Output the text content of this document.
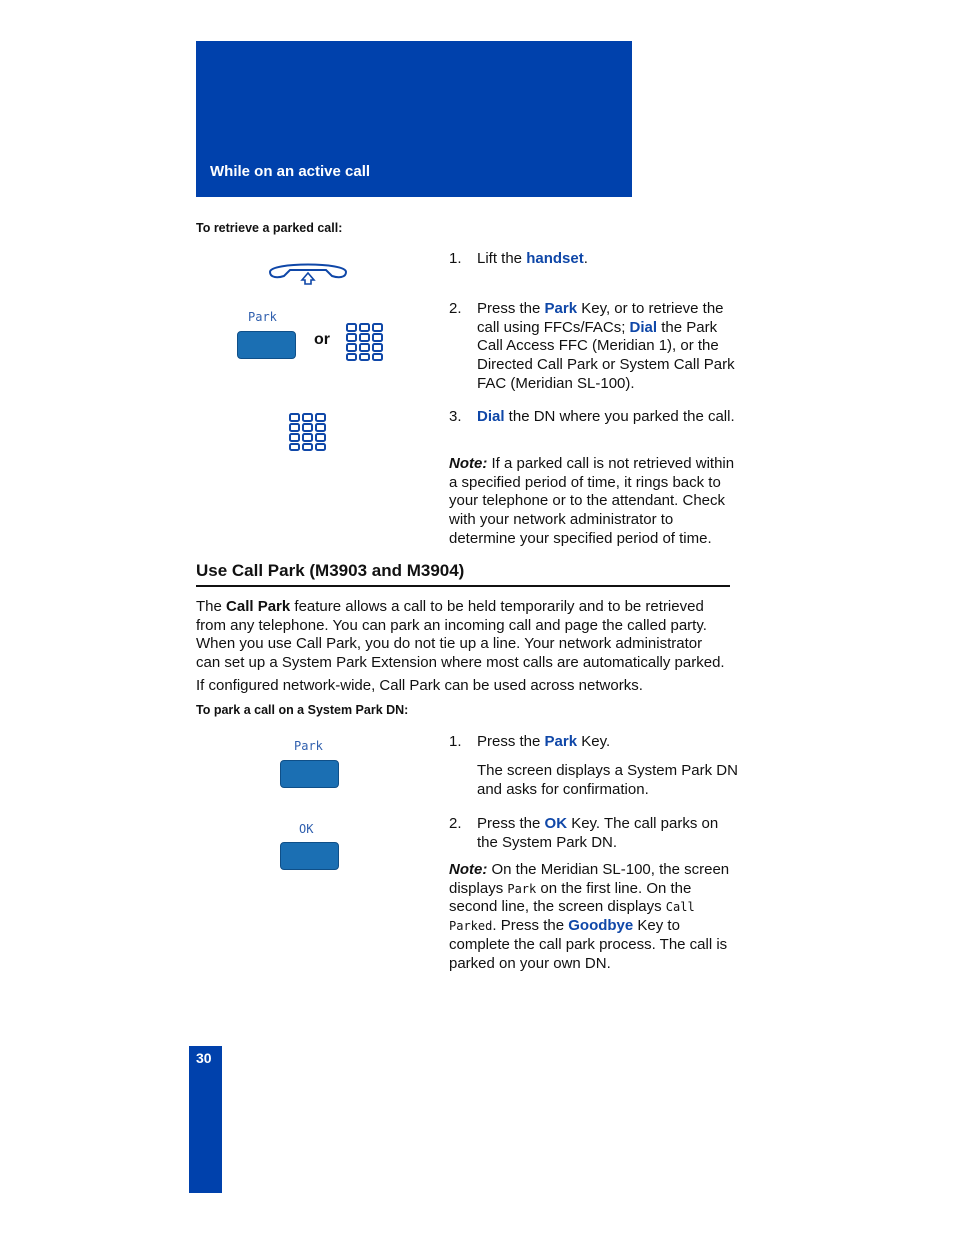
While on an active call
To retrieve a parked call:
Park
or
1. Lift the handset.
2. Press the Park Key, or to retrieve the call using FFCs/FACs; Dial the Park Call Access FFC (Meridian 1), or the Directed Call Park or System Call Park FAC (Meridian SL-100).
3. Dial the DN where you parked the call.
Note: If a parked call is not retrieved within a specified period of time, it rings back to your telephone or to the attendant. Check with your network administrator to determine your specified period of time.
Use Call Park (M3903 and M3904)
The Call Park feature allows a call to be held temporarily and to be retrieved from any telephone. You can park an incoming call and page the called party. When you use Call Park, you do not tie up a line. Your network administrator can set up a System Park Extension where most calls are automatically parked.
If configured network-wide, Call Park can be used across networks.
To park a call on a System Park DN:
Park
OK
1. Press the Park Key.
The screen displays a System Park DN and asks for confirmation.
2. Press the OK Key. The call parks on the System Park DN.
Note: On the Meridian SL-100, the screen displays Park on the first line. On the second line, the screen displays Call Parked. Press the Goodbye Key to complete the call park process. The call is parked on your own DN.
30
